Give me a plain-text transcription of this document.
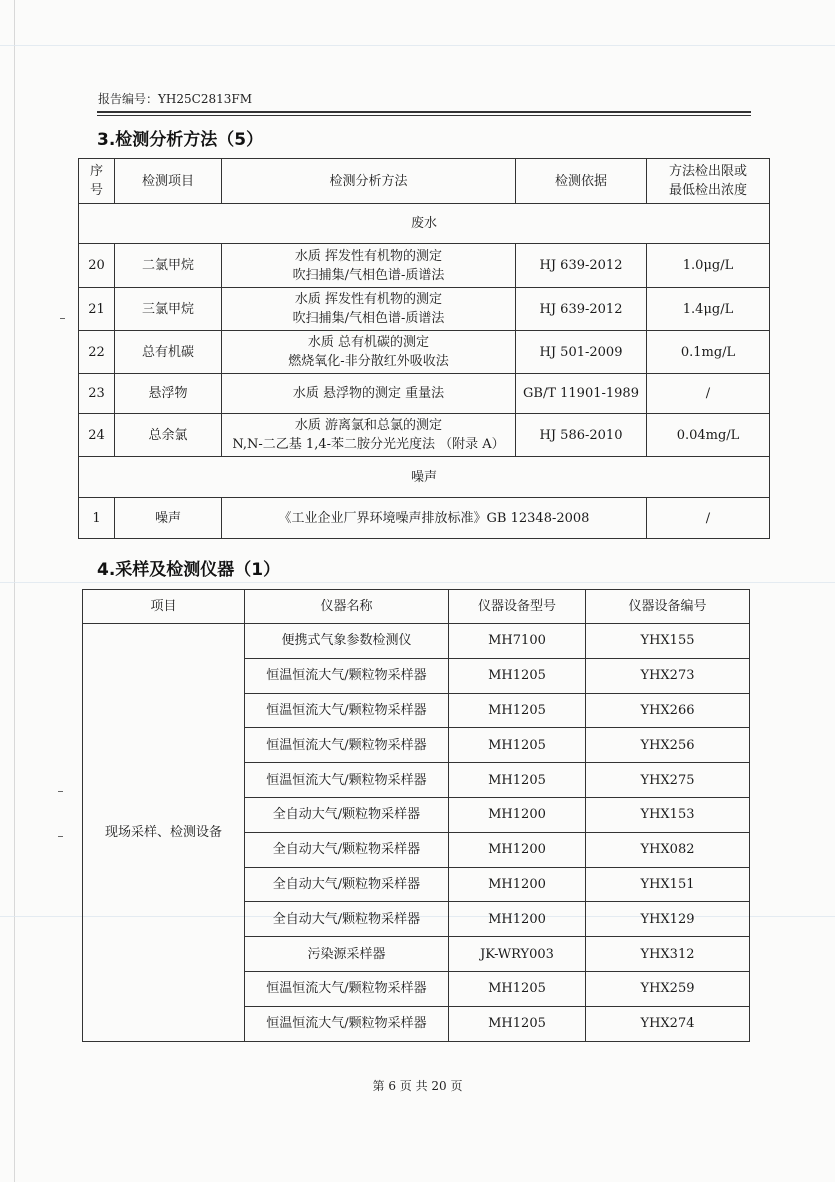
报告编号：YH25C2813FM
3.检测分析方法（5）
序
号	检测项目	检测分析方法	检测依据	方法检出限或
最低检出浓度
废水				
20	二氯甲烷	水质 挥发性有机物的测定
吹扫捕集/气相色谱-质谱法	HJ 639-2012	1.0μg/L
21	三氯甲烷	水质 挥发性有机物的测定
吹扫捕集/气相色谱-质谱法	HJ 639-2012	1.4μg/L
22	总有机碳	水质 总有机碳的测定
燃烧氧化-非分散红外吸收法	HJ 501-2009	0.1mg/L
23	悬浮物	水质 悬浮物的测定 重量法	GB/T 11901-1989	/
24	总余氯	水质 游离氯和总氯的测定
N,N-二乙基 1,4-苯二胺分光光度法 （附录 A）	HJ 586-2010	0.04mg/L
噪声				
1	噪声	《工业企业厂界环境噪声排放标准》GB 12348-2008		/
4.采样及检测仪器（1）
项目	仪器名称	仪器设备型号	仪器设备编号
现场采样、检测设备	便携式气象参数检测仪	MH7100	YHX155
	恒温恒流大气/颗粒物采样器	MH1205	YHX273
	恒温恒流大气/颗粒物采样器	MH1205	YHX266
	恒温恒流大气/颗粒物采样器	MH1205	YHX256
	恒温恒流大气/颗粒物采样器	MH1205	YHX275
	全自动大气/颗粒物采样器	MH1200	YHX153
	全自动大气/颗粒物采样器	MH1200	YHX082
	全自动大气/颗粒物采样器	MH1200	YHX151
	全自动大气/颗粒物采样器	MH1200	YHX129
	污染源采样器	JK-WRY003	YHX312
	恒温恒流大气/颗粒物采样器	MH1205	YHX259
	恒温恒流大气/颗粒物采样器	MH1205	YHX274
第 6 页 共 20 页
